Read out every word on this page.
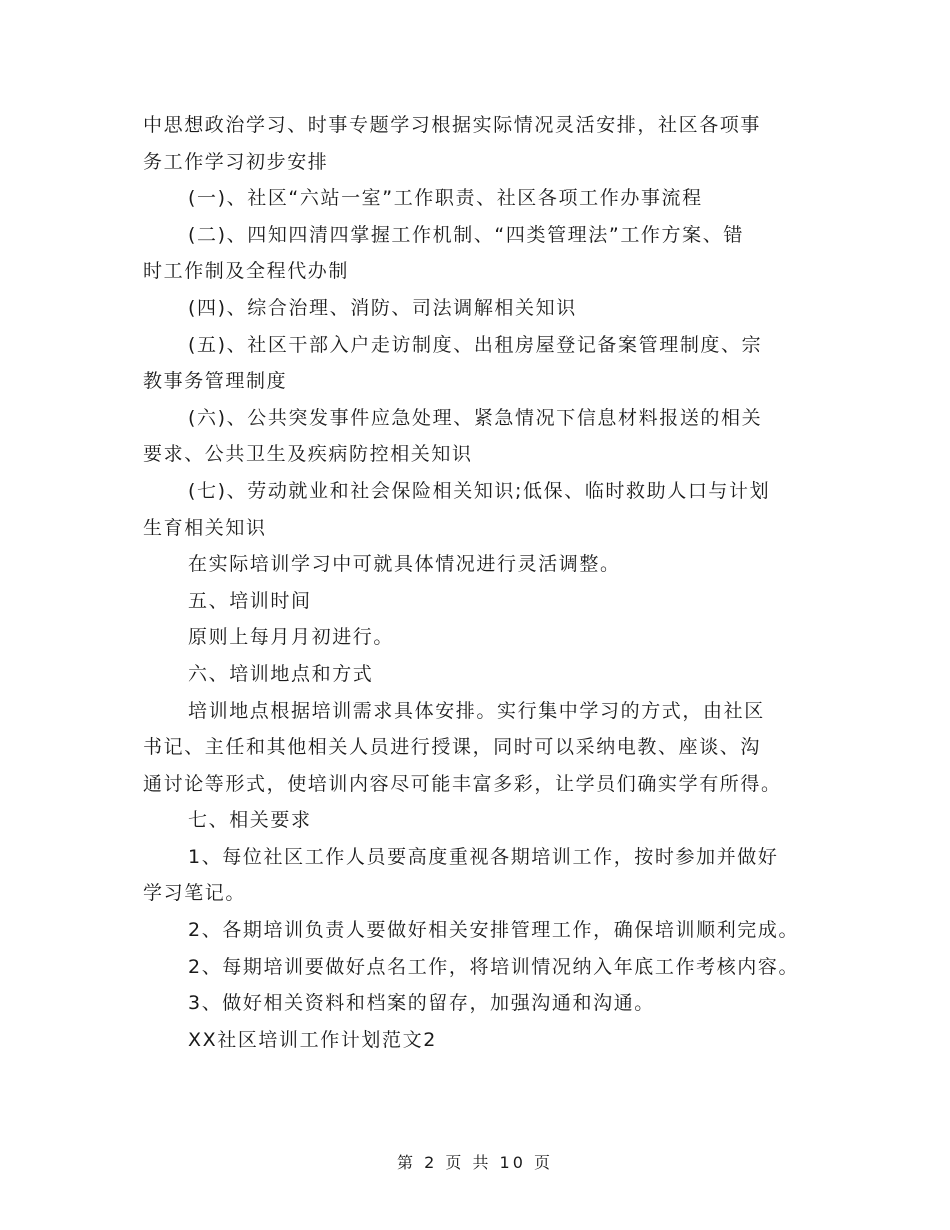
中思想政治学习、时事专题学习根据实际情况灵活安排，社区各项事
务工作学习初步安排
(一)、社区“六站一室”工作职责、社区各项工作办事流程
(二)、四知四清四掌握工作机制、“四类管理法”工作方案、错
时工作制及全程代办制
(四)、综合治理、消防、司法调解相关知识
(五)、社区干部入户走访制度、出租房屋登记备案管理制度、宗
教事务管理制度
(六)、公共突发事件应急处理、紧急情况下信息材料报送的相关
要求、公共卫生及疾病防控相关知识
(七)、劳动就业和社会保险相关知识;低保、临时救助人口与计划
生育相关知识
在实际培训学习中可就具体情况进行灵活调整。
五、培训时间
原则上每月月初进行。
六、培训地点和方式
培训地点根据培训需求具体安排。实行集中学习的方式，由社区
书记、主任和其他相关人员进行授课，同时可以采纳电教、座谈、沟
通讨论等形式，使培训内容尽可能丰富多彩，让学员们确实学有所得。
七、相关要求
1、每位社区工作人员要高度重视各期培训工作，按时参加并做好
学习笔记。
2、各期培训负责人要做好相关安排管理工作，确保培训顺利完成。
2、每期培训要做好点名工作，将培训情况纳入年底工作考核内容。
3、做好相关资料和档案的留存，加强沟通和沟通。
XX社区培训工作计划范文2
第 2 页 共 10 页
